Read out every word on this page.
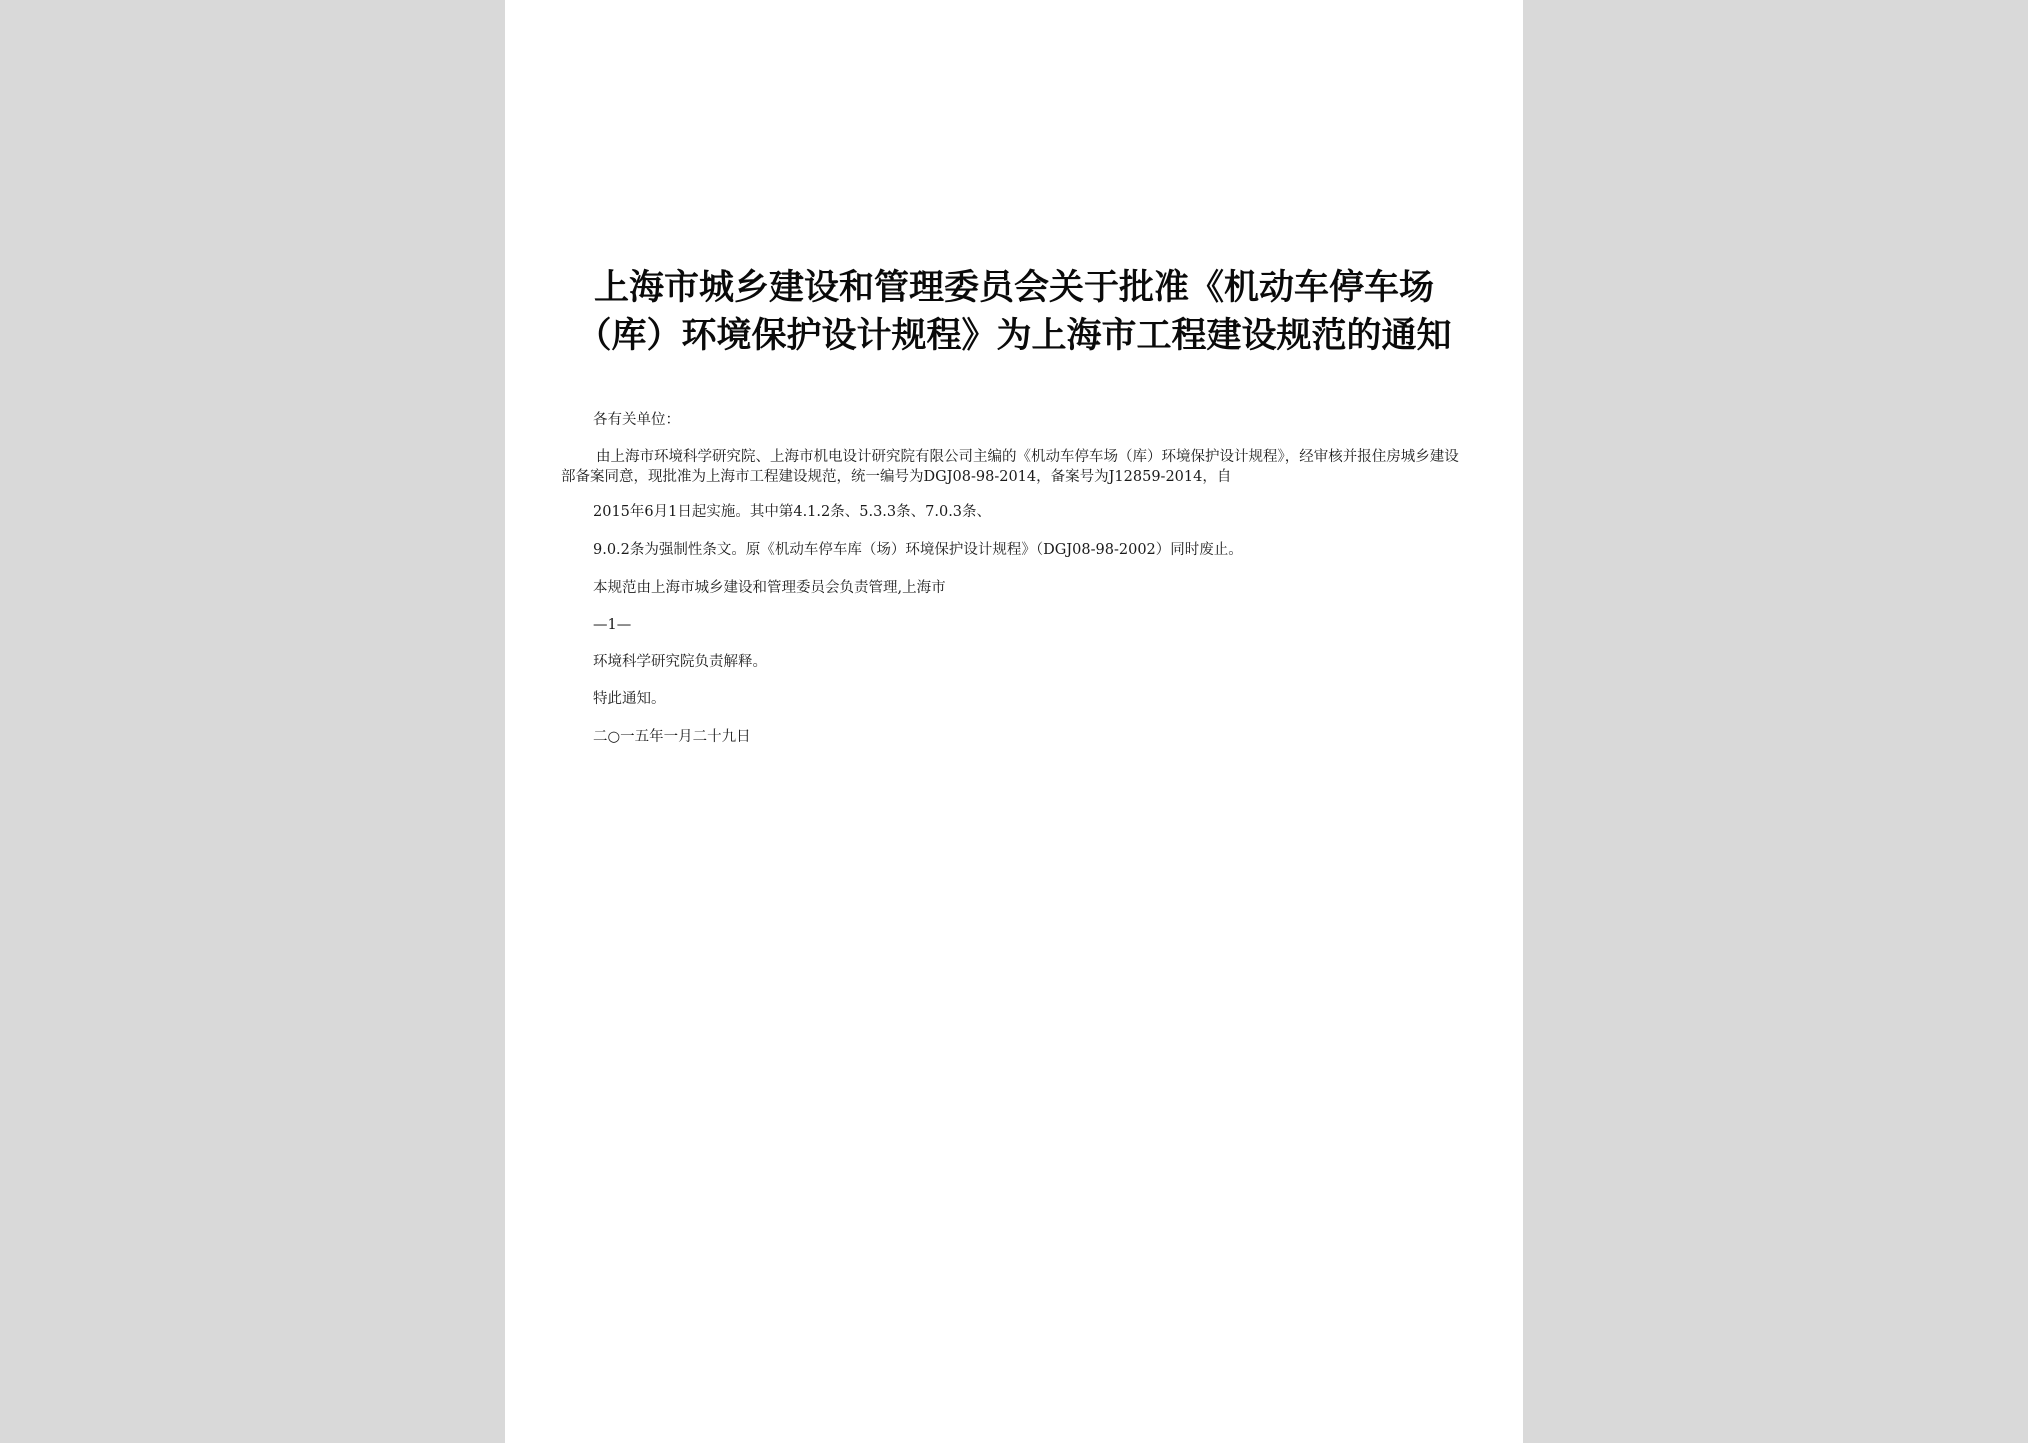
上海市城乡建设和管理委员会关于批准《机动车停车场（库）环境保护设计规程》为上海市工程建设规范的通知

各有关单位：

由上海市环境科学研究院、上海市机电设计研究院有限公司主编的《机动车停车场（库）环境保护设计规程》，经审核并报住房城乡建设部备案同意，现批准为上海市工程建设规范，统一编号为DGJ08-98-2014，备案号为J12859-2014，自

2015年6月1日起实施。其中第4.1.2条、5.3.3条、7.0.3条、

9.0.2条为强制性条文。原《机动车停车库（场）环境保护设计规程》（DGJ08-98-2002）同时废止。

本规范由上海市城乡建设和管理委员会负责管理,上海市

—1—

环境科学研究院负责解释。

特此通知。

二○一五年一月二十九日
